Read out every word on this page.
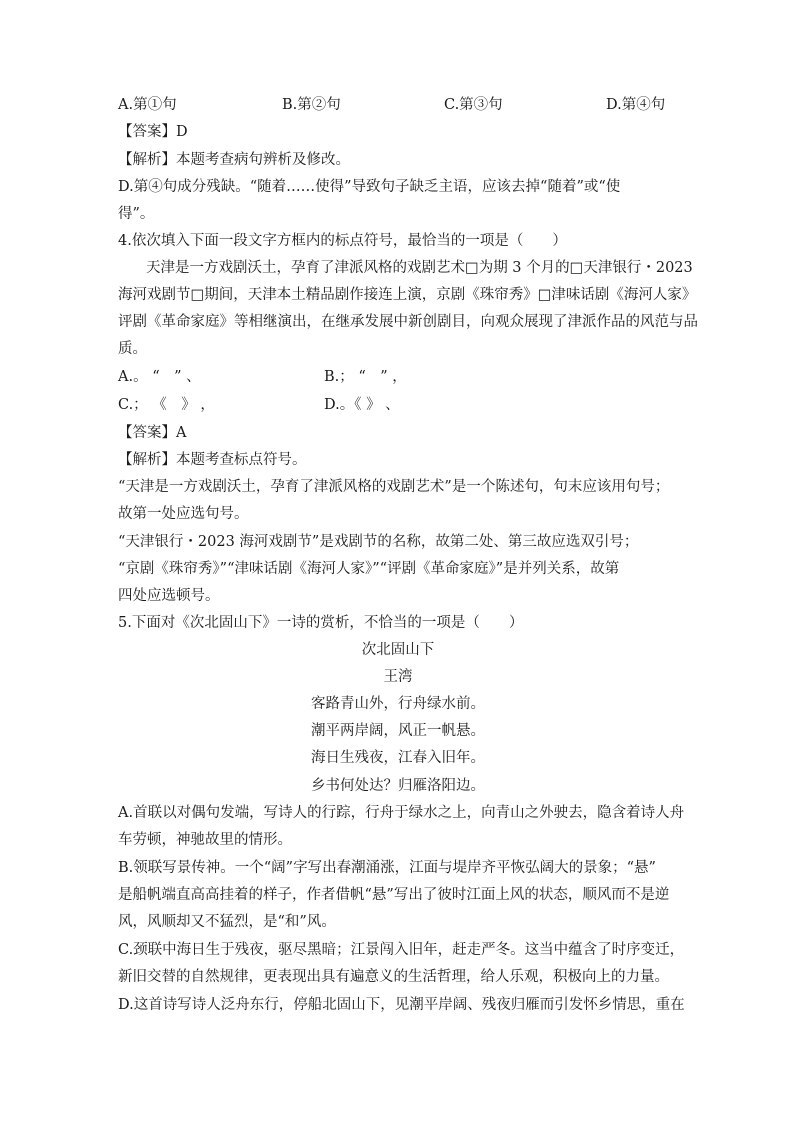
A.第①句	B.第②句	C.第③句	D.第④句
【答案】D
【解析】本题考查病句辨析及修改。
D.第④句成分残缺。“随着……使得”导致句子缺乏主语，应该去掉“随着”或“使
得”。
4.依次填入下面一段文字方框内的标点符号，最恰当的一项是（　　）
天津是一方戏剧沃土，孕育了津派风格的戏剧艺术□为期 3 个月的□天津银行・2023
海河戏剧节□期间，天津本土精品剧作接连上演，京剧《珠帘秀》□津味话剧《海河人家》
评剧《革命家庭》等相继演出，在继承发展中新创剧目，向观众展现了津派作品的风范与品
质。
A.。 “　” 、	B.； “　” ，
C.； 《　》 ，	D.。《 》 、
【答案】A
【解析】本题考查标点符号。
“天津是一方戏剧沃土，孕育了津派风格的戏剧艺术”是一个陈述句，句末应该用句号；
故第一处应选句号。
“天津银行・2023 海河戏剧节”是戏剧节的名称，故第二处、第三故应选双引号；
“京剧《珠帘秀》”“津味话剧《海河人家》”“评剧《革命家庭》”是并列关系，故第
四处应选顿号。
5.下面对《次北固山下》一诗的赏析，不恰当的一项是（　　）
次北固山下
王湾
客路青山外，行舟绿水前。
潮平两岸阔，风正一帆悬。
海日生残夜，江春入旧年。
乡书何处达？归雁洛阳边。
A.首联以对偶句发端，写诗人的行踪，行舟于绿水之上，向青山之外驶去，隐含着诗人舟
车劳顿，神驰故里的情形。
B.领联写景传神。一个“阔”字写出春潮涌涨，江面与堤岸齐平恢弘阔大的景象；“悬”
是船帆端直高高挂着的样子，作者借帆“悬”写出了彼时江面上风的状态，顺风而不是逆
风，风顺却又不猛烈，是“和”风。
C.颈联中海日生于残夜，驱尽黑暗；江景闯入旧年，赶走严冬。这当中蕴含了时序变迁，
新旧交替的自然规律，更表现出具有遍意义的生活哲理，给人乐观，积极向上的力量。
D.这首诗写诗人泛舟东行，停船北固山下，见潮平岸阔、残夜归雁而引发怀乡情思，重在
